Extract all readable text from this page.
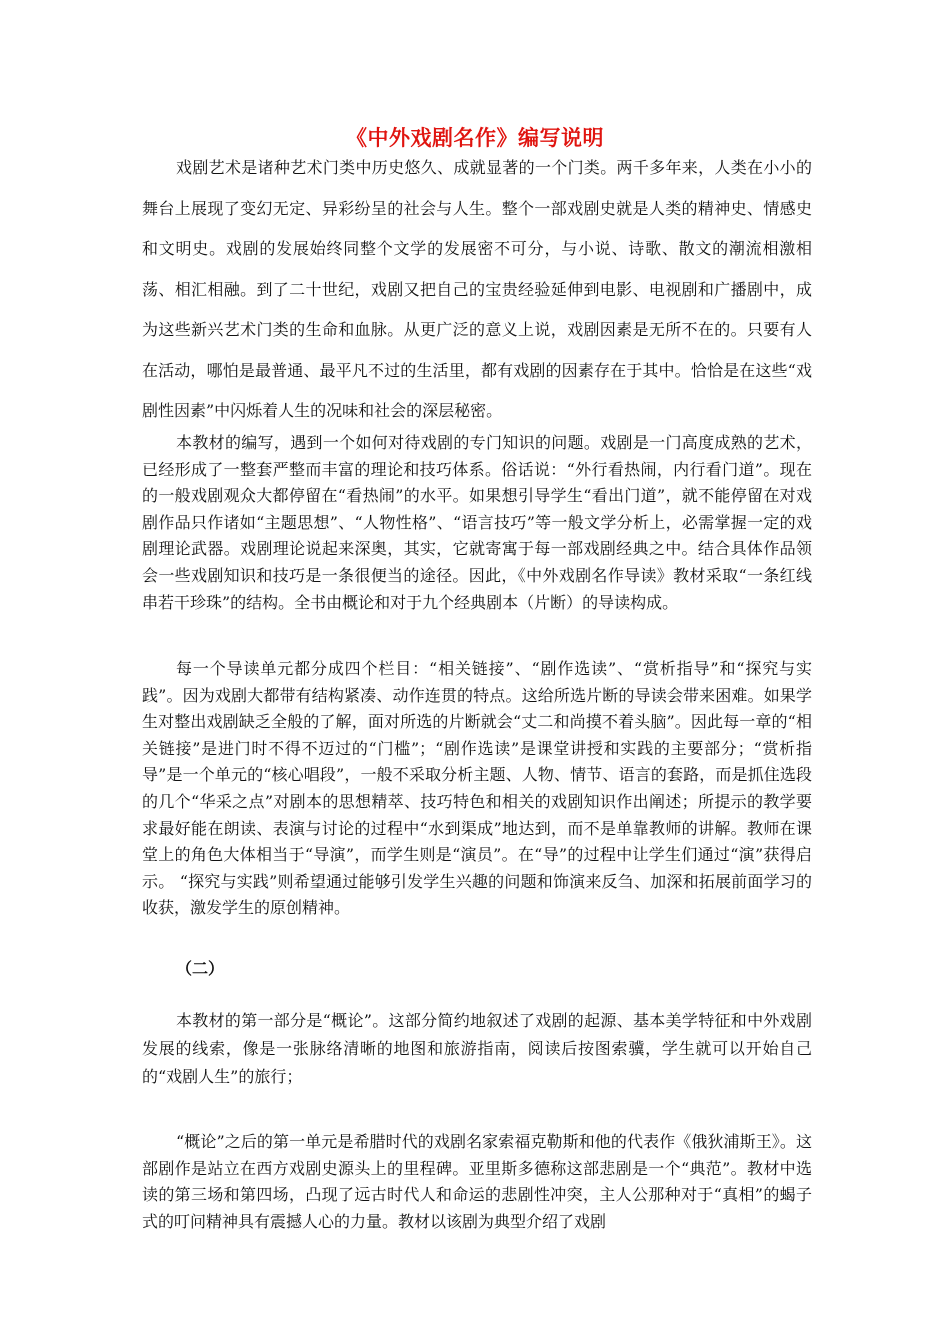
《中外戏剧名作》编写说明

戏剧艺术是诸种艺术门类中历史悠久、成就显著的一个门类。两千多年来，人类在小小的舞台上展现了变幻无定、异彩纷呈的社会与人生。整个一部戏剧史就是人类的精神史、情感史和文明史。戏剧的发展始终同整个文学的发展密不可分，与小说、诗歌、散文的潮流相激相荡、相汇相融。到了二十世纪，戏剧又把自己的宝贵经验延伸到电影、电视剧和广播剧中，成为这些新兴艺术门类的生命和血脉。从更广泛的意义上说，戏剧因素是无所不在的。只要有人在活动，哪怕是最普通、最平凡不过的生活里，都有戏剧的因素存在于其中。恰恰是在这些“戏剧性因素”中闪烁着人生的况味和社会的深层秘密。

本教材的编写，遇到一个如何对待戏剧的专门知识的问题。戏剧是一门高度成熟的艺术，已经形成了一整套严整而丰富的理论和技巧体系。俗话说：“外行看热闹，内行看门道”。现在的一般戏剧观众大都停留在“看热闹”的水平。如果想引导学生“看出门道”，就不能停留在对戏剧作品只作诸如“主题思想”、“人物性格”、“语言技巧”等一般文学分析上，必需掌握一定的戏剧理论武器。戏剧理论说起来深奥，其实，它就寄寓于每一部戏剧经典之中。结合具体作品领会一些戏剧知识和技巧是一条很便当的途径。因此，《中外戏剧名作导读》教材采取“一条红线串若干珍珠”的结构。全书由概论和对于九个经典剧本（片断）的导读构成。

每一个导读单元都分成四个栏目：“相关链接”、“剧作选读”、“赏析指导”和“探究与实践”。因为戏剧大都带有结构紧凑、动作连贯的特点。这给所选片断的导读会带来困难。如果学生对整出戏剧缺乏全般的了解，面对所选的片断就会“丈二和尚摸不着头脑”。因此每一章的“相关链接”是进门时不得不迈过的“门槛”；“剧作选读”是课堂讲授和实践的主要部分；“赏析指导”是一个单元的“核心唱段”，一般不采取分析主题、人物、情节、语言的套路，而是抓住选段的几个“华采之点”对剧本的思想精萃、技巧特色和相关的戏剧知识作出阐述；所提示的教学要求最好能在朗读、表演与讨论的过程中“水到渠成”地达到，而不是单靠教师的讲解。教师在课堂上的角色大体相当于“导演”，而学生则是“演员”。在“导”的过程中让学生们通过“演”获得启示。 “探究与实践”则希望通过能够引发学生兴趣的问题和饰演来反刍、加深和拓展前面学习的收获，激发学生的原创精神。

（二）

本教材的第一部分是“概论”。这部分简约地叙述了戏剧的起源、基本美学特征和中外戏剧发展的线索，像是一张脉络清晰的地图和旅游指南，阅读后按图索骥，学生就可以开始自己的“戏剧人生”的旅行；

“概论”之后的第一单元是希腊时代的戏剧名家索福克勒斯和他的代表作《俄狄浦斯王》。这部剧作是站立在西方戏剧史源头上的里程碑。亚里斯多德称这部悲剧是一个“典范”。教材中选读的第三场和第四场，凸现了远古时代人和命运的悲剧性冲突，主人公那种对于“真相”的蝎子式的叮问精神具有震撼人心的力量。教材以该剧为典型介绍了戏剧
